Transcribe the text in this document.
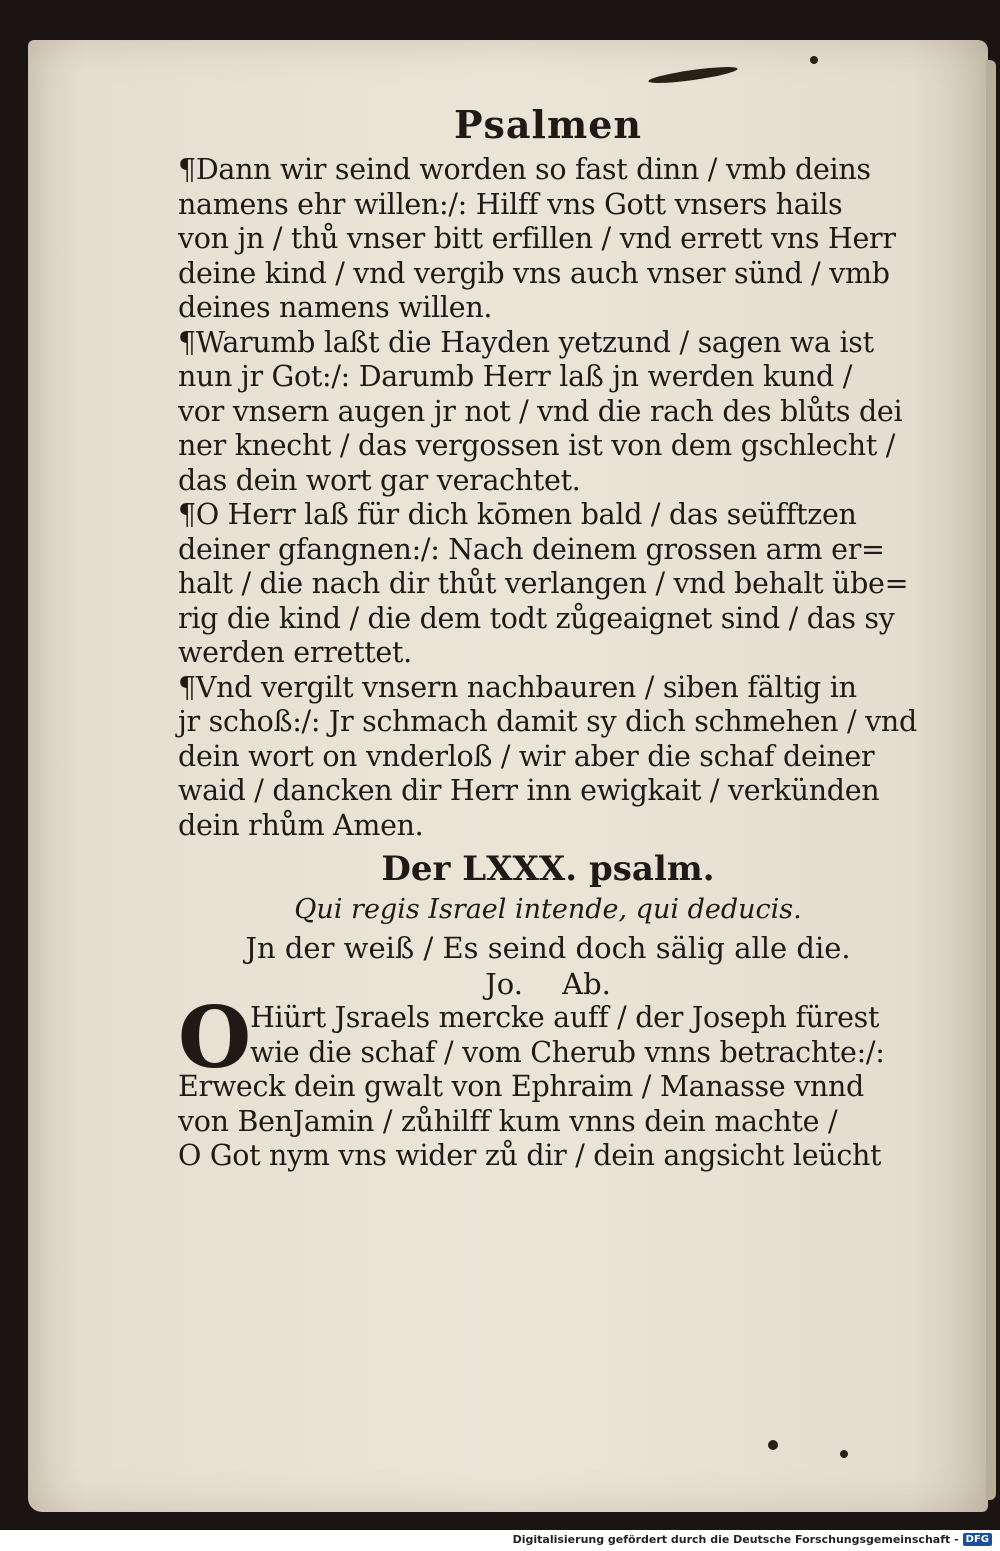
Psalmen
¶Dann wir seind worden so fast dinn / vmb deins
namens ehr willen:/: Hilff vns Gott vnsers hails
von jn / thů vnser bitt erfillen / vnd errett vns Herr
deine kind / vnd vergib vns auch vnser sünd / vmb
deines namens willen.
¶Warumb laßt die Hayden yetzund / sagen wa ist
nun jr Got:/: Darumb Herr laß jn werden kund /
vor vnsern augen jr not / vnd die rach des blůts dei
ner knecht / das vergossen ist von dem gschlecht /
das dein wort gar verachtet.
¶O Herr laß für dich kōmen bald / das seüfftzen
deiner gfangnen:/: Nach deinem grossen arm er=
halt / die nach dir thůt verlangen / vnd behalt übe=
rig die kind / die dem todt zůgeaignet sind / das sy
werden errettet.
¶Vnd vergilt vnsern nachbauren / siben fältig in
jr schoß:/: Jr schmach damit sy dich schmehen / vnd
dein wort on vnderloß / wir aber die schaf deiner
waid / dancken dir Herr inn ewigkait / verkünden
dein rhům Amen.
Der LXXX. psalm.
Qui regis Israel intende, qui deducis.
Jn der weiß / Es seind doch sälig alle die.
Jo. Ab.
O
Hiürt Jsraels mercke auff / der Joseph fürest
wie die schaf / vom Cherub vnns betrachte:/:
Erweck dein gwalt von Ephraim / Manasse vnnd
von BenJamin / zůhilff kum vnns dein machte /
O Got nym vns wider zů dir / dein angsicht leücht
Digitalisierung gefördert durch die Deutsche Forschungsgemeinschaft - DFG
